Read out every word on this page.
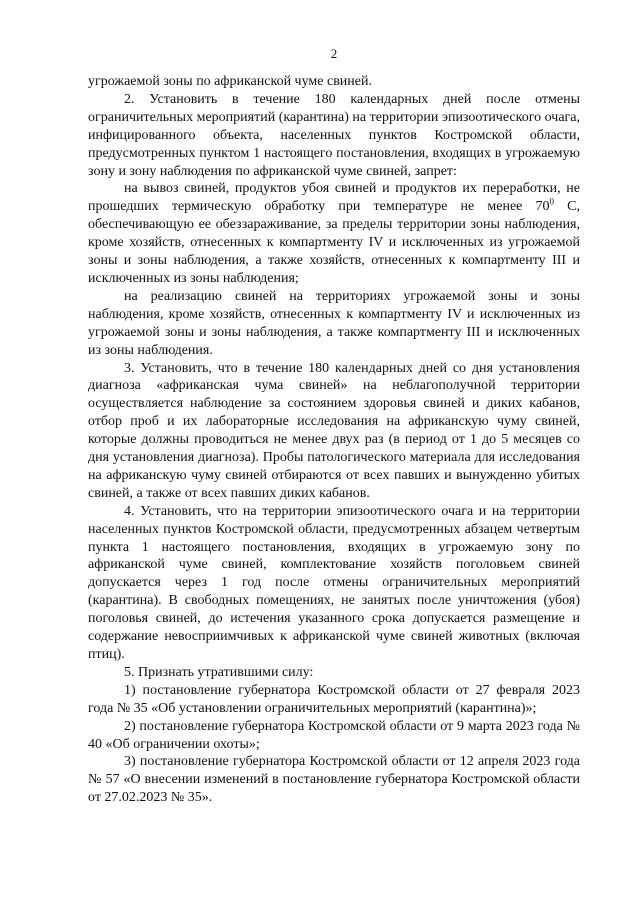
2

угрожаемой зоны по африканской чуме свиней.

2. Установить в течение 180 календарных дней после отмены ограничительных мероприятий (карантина) на территории эпизоотического очага, инфицированного объекта, населенных пунктов Костромской области, предусмотренных пунктом 1 настоящего постановления, входящих в угрожаемую зону и зону наблюдения по африканской чуме свиней, запрет:

на вывоз свиней, продуктов убоя свиней и продуктов их переработки, не прошедших термическую обработку при температуре не менее $70^0$ С, обеспечивающую ее обеззараживание, за пределы территории зоны наблюдения, кроме хозяйств, отнесенных к компартменту IV и исключенных из угрожаемой зоны и зоны наблюдения, а также хозяйств, отнесенных к компартменту III и исключенных из зоны наблюдения;

на реализацию свиней на территориях угрожаемой зоны и зоны наблюдения, кроме хозяйств, отнесенных к компартменту IV и исключенных из угрожаемой зоны и зоны наблюдения, а также компартменту III и исключенных из зоны наблюдения.

3. Установить, что в течение 180 календарных дней со дня установления диагноза «африканская чума свиней» на неблагополучной территории осуществляется наблюдение за состоянием здоровья свиней и диких кабанов, отбор проб и их лабораторные исследования на африканскую чуму свиней, которые должны проводиться не менее двух раз (в период от 1 до 5 месяцев со дня установления диагноза). Пробы патологического материала для исследования на африканскую чуму свиней отбираются от всех павших и вынужденно убитых свиней, а также от всех павших диких кабанов.

4. Установить, что на территории эпизоотического очага и на территории населенных пунктов Костромской области, предусмотренных абзацем четвертым пункта 1 настоящего постановления, входящих в угрожаемую зону по африканской чуме свиней, комплектование хозяйств поголовьем свиней допускается через 1 год после отмены ограничительных мероприятий (карантина). В свободных помещениях, не занятых после уничтожения (убоя) поголовья свиней, до истечения указанного срока допускается размещение и содержание невосприимчивых к африканской чуме свиней животных (включая птиц).

5. Признать утратившими силу:

1) постановление губернатора Костромской области от 27 февраля 2023 года № 35 «Об установлении ограничительных мероприятий (карантина)»;

2) постановление губернатора Костромской области от 9 марта 2023 года № 40 «Об ограничении охоты»;

3) постановление губернатора Костромской области от 12 апреля 2023 года № 57 «О внесении изменений в постановление губернатора Костромской области от 27.02.2023 № 35».
